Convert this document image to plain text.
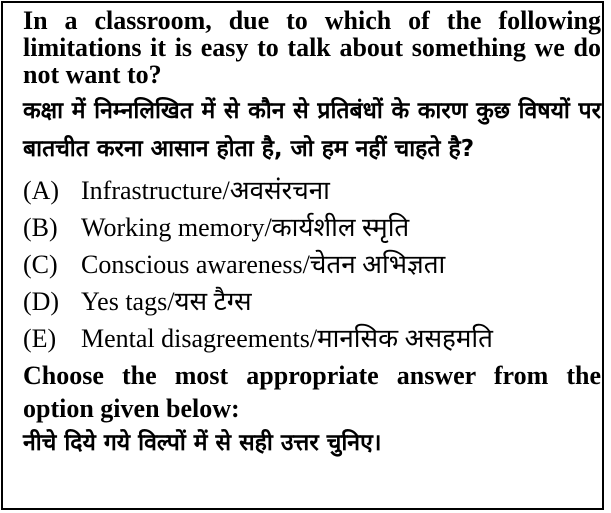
In a classroom, due to which of the following limitations it is easy to talk about something we do not want to?

कक्षा में निम्नलिखित में से कौन से प्रतिबंधों के कारण कुछ विषयों पर बातचीत करना आसान होता है, जो हम नहीं चाहते है?

(A) Infrastructure/अवसंरचना
(B) Working memory/कार्यशील स्मृति
(C) Conscious awareness/चेतन अभिज्ञता
(D) Yes tags/यस टैग्स
(E) Mental disagreements/मानसिक असहमति

Choose the most appropriate answer from the option given below:

नीचे दिये गये विल्पों में से सही उत्तर चुनिए।
